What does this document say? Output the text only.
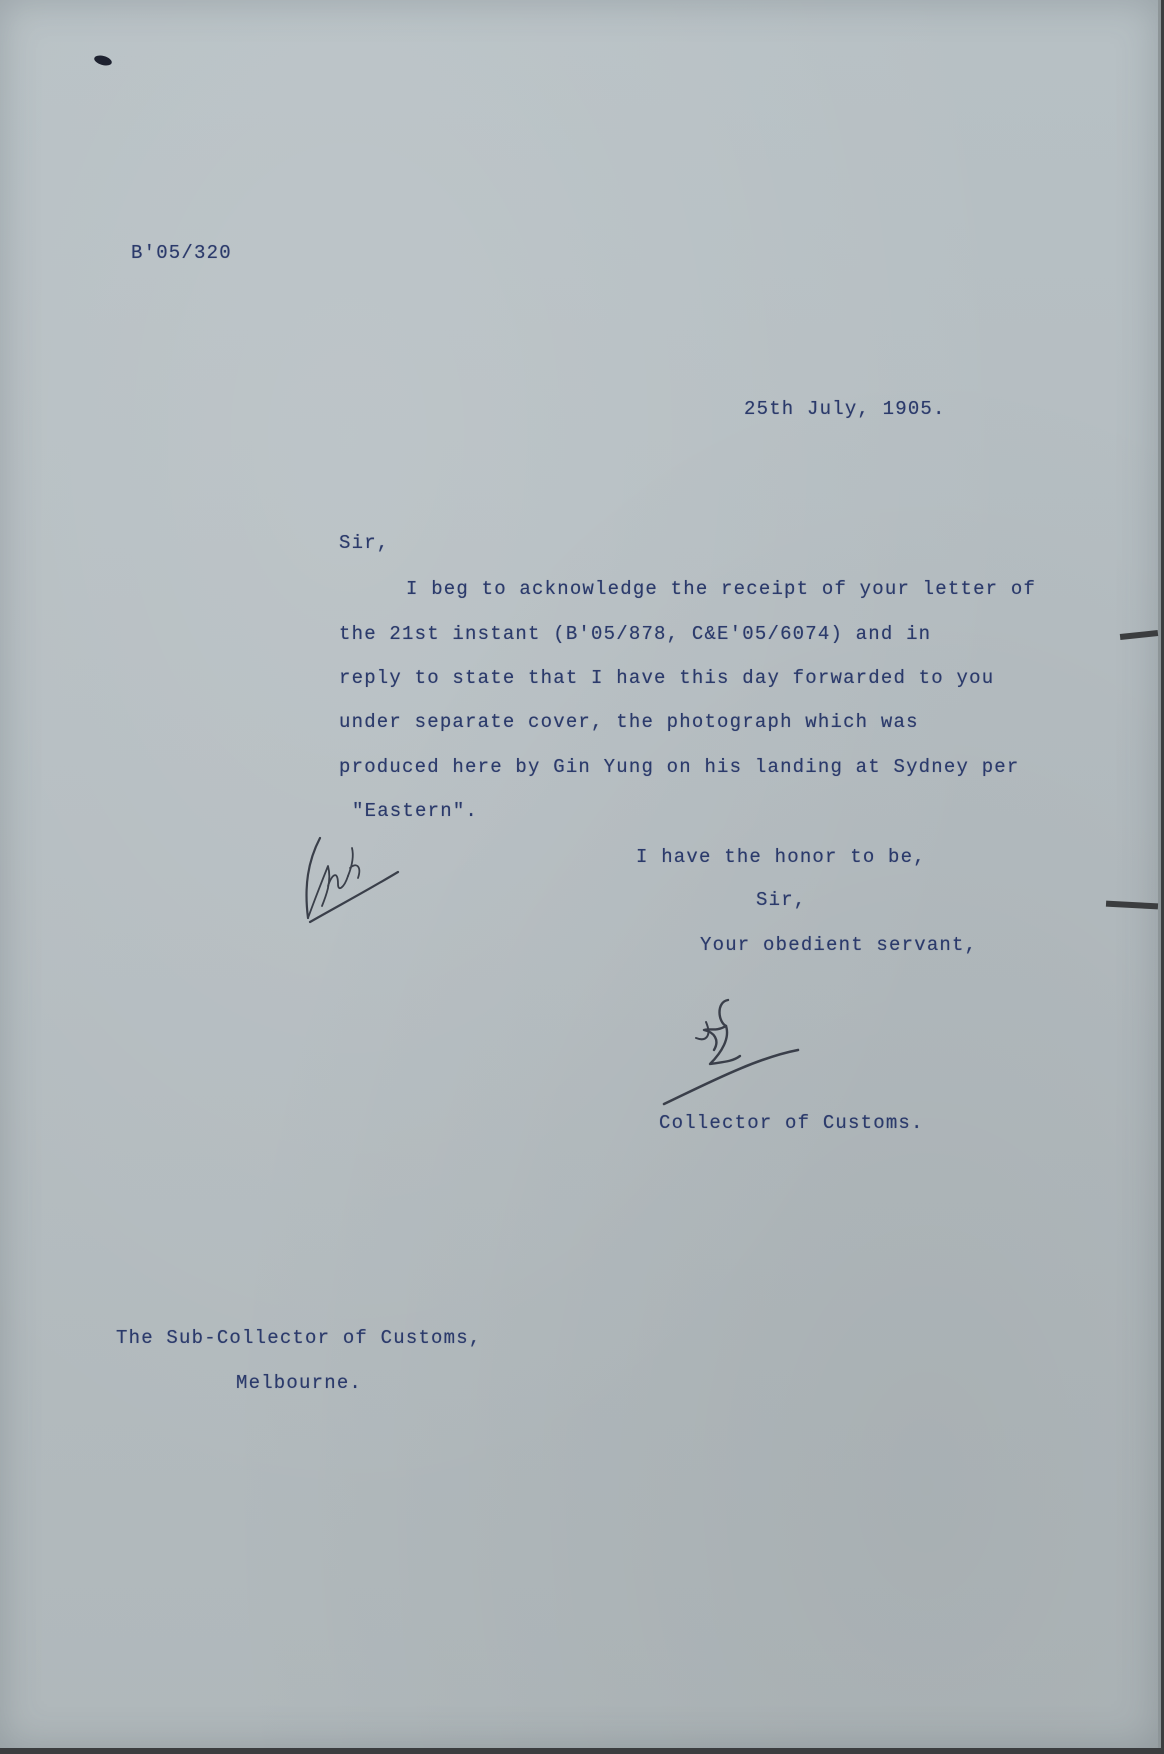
B'05/320
25th July, 1905.
Sir,
I beg to acknowledge the receipt of your letter of
the 21st instant (B'05/878, C&E'05/6074) and in
reply to state that I have this day forwarded to you
under separate cover, the photograph which was
produced here by Gin Yung on his landing at Sydney per
"Eastern".
I have the honor to be,
Sir,
Your obedient servant,
Collector of Customs.
The Sub-Collector of Customs,
Melbourne.
